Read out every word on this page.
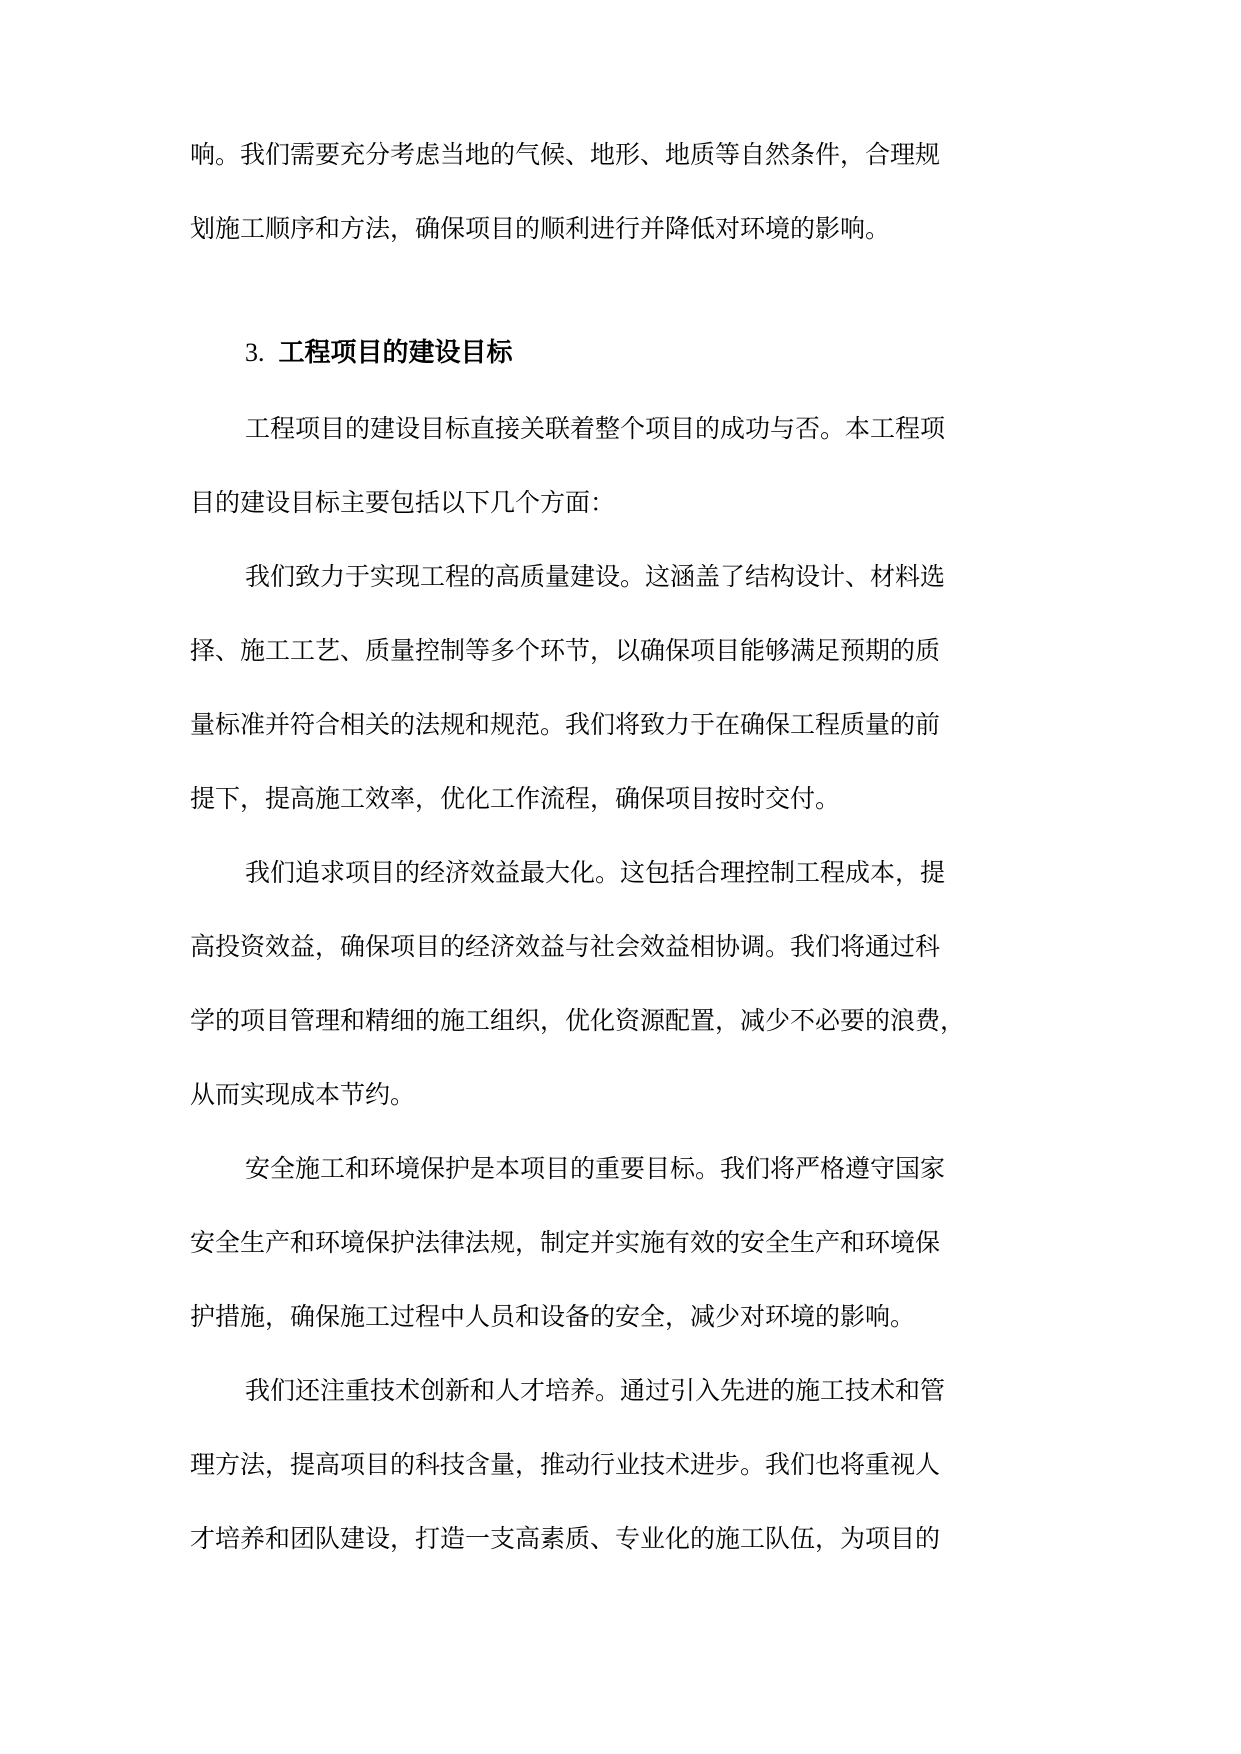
响。我们需要充分考虑当地的气候、地形、地质等自然条件，合理规
划施工顺序和方法，确保项目的顺利进行并降低对环境的影响。
3. 工程项目的建设目标
工程项目的建设目标直接关联着整个项目的成功与否。本工程项
目的建设目标主要包括以下几个方面：
我们致力于实现工程的高质量建设。这涵盖了结构设计、材料选
择、施工工艺、质量控制等多个环节，以确保项目能够满足预期的质
量标准并符合相关的法规和规范。我们将致力于在确保工程质量的前
提下，提高施工效率，优化工作流程，确保项目按时交付。
我们追求项目的经济效益最大化。这包括合理控制工程成本，提
高投资效益，确保项目的经济效益与社会效益相协调。我们将通过科
学的项目管理和精细的施工组织，优化资源配置，减少不必要的浪费，
从而实现成本节约。
安全施工和环境保护是本项目的重要目标。我们将严格遵守国家
安全生产和环境保护法律法规，制定并实施有效的安全生产和环境保
护措施，确保施工过程中人员和设备的安全，减少对环境的影响。
我们还注重技术创新和人才培养。通过引入先进的施工技术和管
理方法，提高项目的科技含量，推动行业技术进步。我们也将重视人
才培养和团队建设，打造一支高素质、专业化的施工队伍，为项目的
